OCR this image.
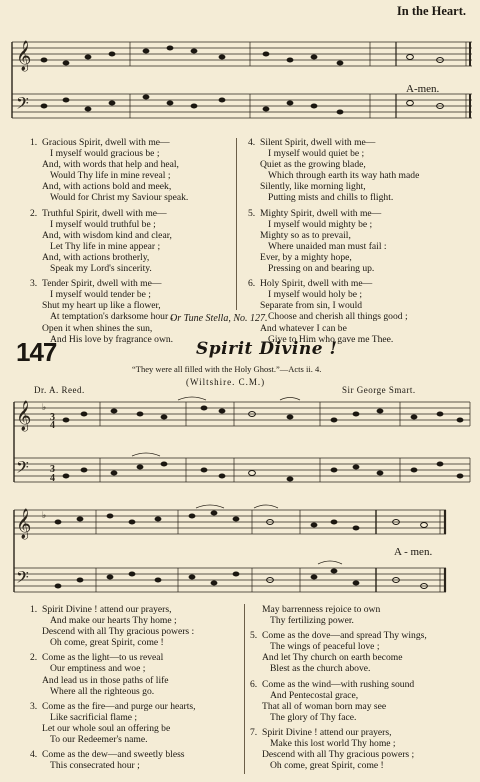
In the Heart.
𝄞
𝄢
A-men.
1.Gracious Spirit, dwell with me—
I myself would gracious be ;
And, with words that help and heal,
Would Thy life in mine reveal ;
And, with actions bold and meek,
Would for Christ my Saviour speak.
2.Truthful Spirit, dwell with me—
I myself would truthful be ;
And, with wisdom kind and clear,
Let Thy life in mine appear ;
And, with actions brotherly,
Speak my Lord's sincerity.
3.Tender Spirit, dwell with me—
I myself would tender be ;
Shut my heart up like a flower,
At temptation's darksome hour ;
Open it when shines the sun,
And His love by fragrance own.
4.Silent Spirit, dwell with me—
I myself would quiet be ;
Quiet as the growing blade,
Which through earth its way hath made
Silently, like morning light,
Putting mists and chills to flight.
5.Mighty Spirit, dwell with me—
I myself would mighty be ;
Mighty so as to prevail,
Where unaided man must fail :
Ever, by a mighty hope,
Pressing on and bearing up.
6.Holy Spirit, dwell with me—
I myself would holy be ;
Separate from sin, I would
Choose and cherish all things good ;
And whatever I can be
Give to Him who gave me Thee.
Or Tune Stella, No. 127.
147	Spirit Divine !
“They were all filled with the Holy Ghost.”—Acts ii. 4.
(Wiltshire. C.M.)
Dr. A. Reed.	Sir George Smart.
𝄞 ♭
3
4
𝄢 3
4
𝄞 ♭
𝄢
A - men.
1.Spirit Divine ! attend our prayers,
And make our hearts Thy home ;
Descend with all Thy gracious powers :
Oh come, great Spirit, come !
2.Come as the light—to us reveal
Our emptiness and woe ;
And lead us in those paths of life
Where all the righteous go.
3.Come as the fire—and purge our hearts,
Like sacrificial flame ;
Let our whole soul an offering be
To our Redeemer's name.
4.Come as the dew—and sweetly bless
This consecrated hour ;
May barrenness rejoice to own
Thy fertilizing power.
5.Come as the dove—and spread Thy wings,
The wings of peaceful love ;
And let Thy church on earth become
Blest as the church above.
6.Come as the wind—with rushing sound
And Pentecostal grace,
That all of woman born may see
The glory of Thy face.
7.Spirit Divine ! attend our prayers,
Make this lost world Thy home ;
Descend with all Thy gracious powers ;
Oh come, great Spirit, come !
